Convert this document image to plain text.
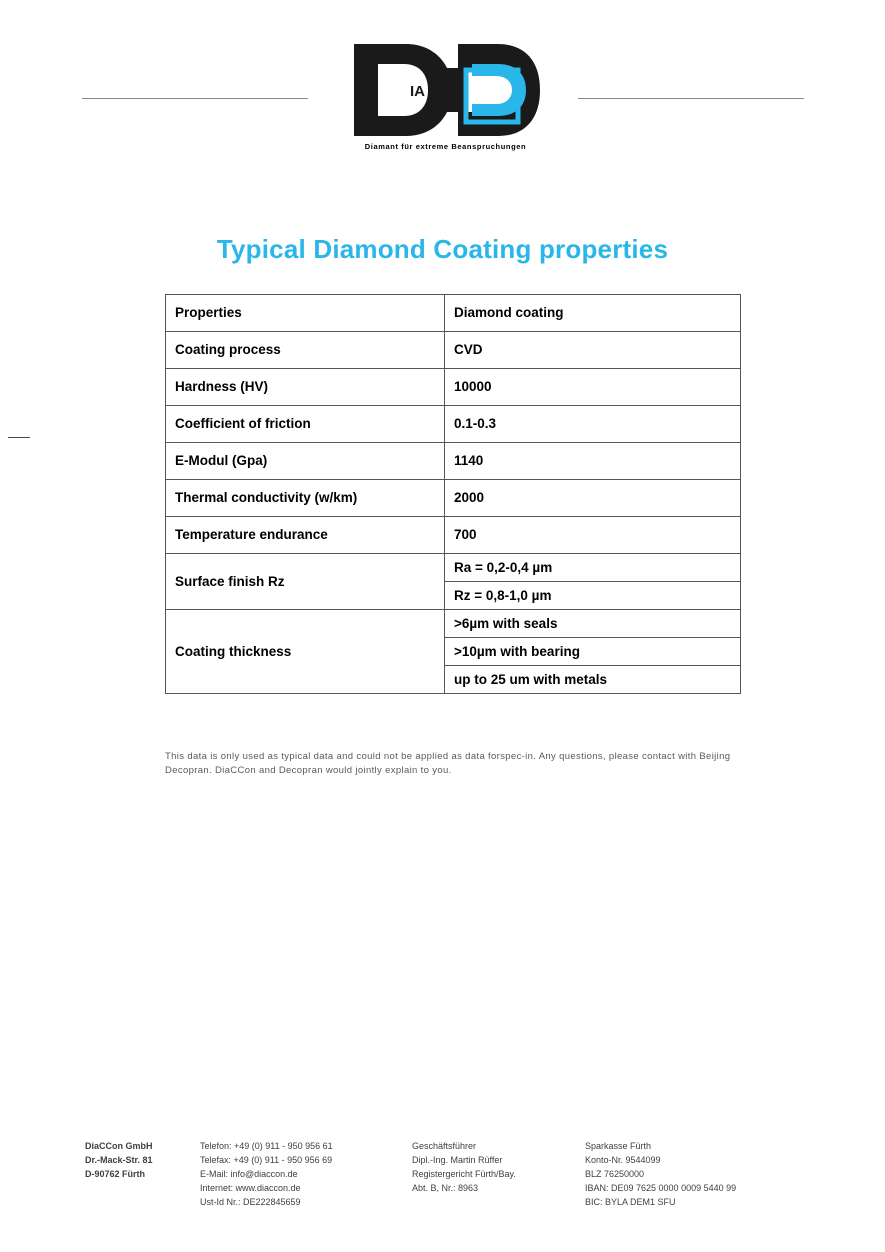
IA
Diamant für extreme Beanspruchungen
Typical Diamond Coating properties
Properties	Diamond coating
Coating process	CVD
Hardness (HV)	10000
Coefficient of friction	0.1-0.3
E-Modul (Gpa)	1140
Thermal conductivity (w/km)	2000
Temperature endurance	700
Surface finish Rz	Ra = 0,2-0,4 µm
	Rz = 0,8-1,0 µm
Coating thickness	>6µm with seals
	>10µm with bearing
	up to 25 um with metals
This data is only used as typical data and could not be applied as data forspec-in. Any questions, please contact with Beijing Decopran. DiaCCon and Decopran would jointly explain to you.
DiaCCon GmbH
Dr.-Mack-Str. 81
D-90762 Fürth
Telefon: +49 (0) 911 - 950 956 61
Telefax: +49 (0) 911 - 950 956 69
E-Mail: info@diaccon.de
Internet: www.diaccon.de
Ust-Id Nr.: DE222845659
Geschäftsführer
Dipl.-Ing. Martin Rüffer
Registergericht Fürth/Bay.
Abt. B, Nr.: 8963
Sparkasse Fürth
Konto-Nr. 9544099
BLZ 76250000
IBAN: DE09 7625 0000 0009 5440 99
BIC: BYLA DEM1 SFU
